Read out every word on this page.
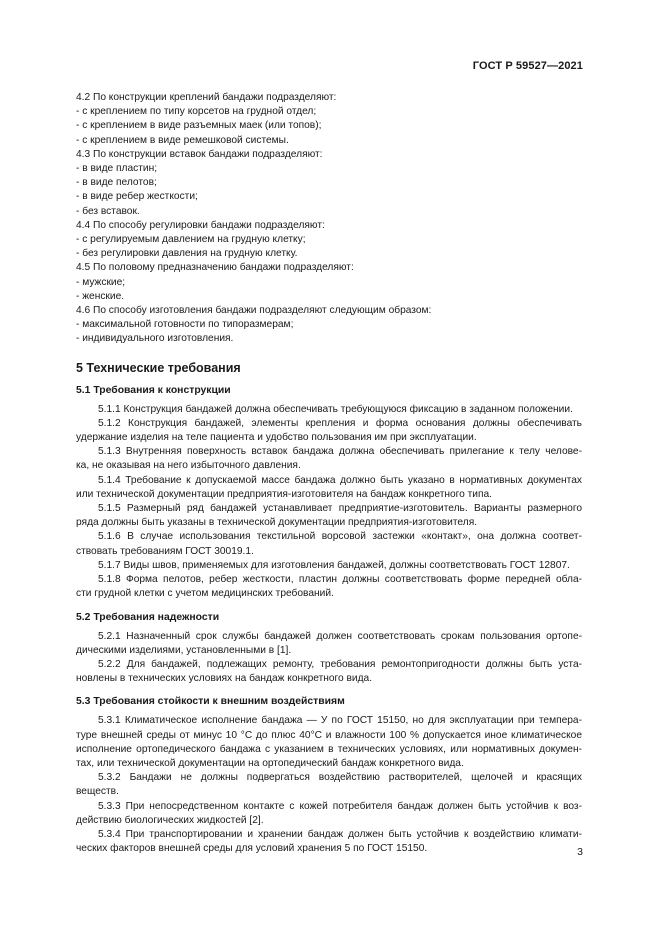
ГОСТ Р 59527—2021
4.2 По конструкции креплений бандажи подразделяют:
- с креплением по типу корсетов на грудной отдел;
- с креплением в виде разъемных маек (или топов);
- с креплением в виде ремешковой системы.
4.3 По конструкции вставок бандажи подразделяют:
- в виде пластин;
- в виде пелотов;
- в виде ребер жесткости;
- без вставок.
4.4 По способу регулировки бандажи подразделяют:
- с регулируемым давлением на грудную клетку;
- без регулировки давления на грудную клетку.
4.5 По половому предназначению бандажи подразделяют:
- мужские;
- женские.
4.6 По способу изготовления бандажи подразделяют следующим образом:
- максимальной готовности по типоразмерам;
- индивидуального изготовления.
5 Технические требования
5.1 Требования к конструкции
5.1.1 Конструкция бандажей должна обеспечивать требующуюся фиксацию в заданном положении.
5.1.2 Конструкция бандажей, элементы крепления и форма основания должны обеспечивать
удержание изделия на теле пациента и удобство пользования им при эксплуатации.
5.1.3 Внутренняя поверхность вставок бандажа должна обеспечивать прилегание к телу челове-
ка, не оказывая на него избыточного давления.
5.1.4 Требование к допускаемой массе бандажа должно быть указано в нормативных документах
или технической документации предприятия-изготовителя на бандаж конкретного типа.
5.1.5 Размерный ряд бандажей устанавливает предприятие-изготовитель. Варианты размерного
ряда должны быть указаны в технической документации предприятия-изготовителя.
5.1.6 В случае использования текстильной ворсовой застежки «контакт», она должна соответ-
ствовать требованиям ГОСТ 30019.1.
5.1.7 Виды швов, применяемых для изготовления бандажей, должны соответствовать ГОСТ 12807.
5.1.8 Форма пелотов, ребер жесткости, пластин должны соответствовать форме передней обла-
сти грудной клетки с учетом медицинских требований.
5.2 Требования надежности
5.2.1 Назначенный срок службы бандажей должен соответствовать срокам пользования ортопе-
дическими изделиями, установленными в [1].
5.2.2 Для бандажей, подлежащих ремонту, требования ремонтопригодности должны быть уста-
новлены в технических условиях на бандаж конкретного вида.
5.3 Требования стойкости к внешним воздействиям
5.3.1 Климатическое исполнение бандажа — У по ГОСТ 15150, но для эксплуатации при темпера-
туре внешней среды от минус 10 °С до плюс 40°С и влажности 100 % допускается иное климатическое
исполнение ортопедического бандажа с указанием в технических условиях, или нормативных докумен-
тах, или технической документации на ортопедический бандаж конкретного вида.
5.3.2 Бандажи не должны подвергаться воздействию растворителей, щелочей и красящих
веществ.
5.3.3 При непосредственном контакте с кожей потребителя бандаж должен быть устойчив к воз-
действию биологических жидкостей [2].
5.3.4 При транспортировании и хранении бандаж должен быть устойчив к воздействию климати-
ческих факторов внешней среды для условий хранения 5 по ГОСТ 15150.	3
